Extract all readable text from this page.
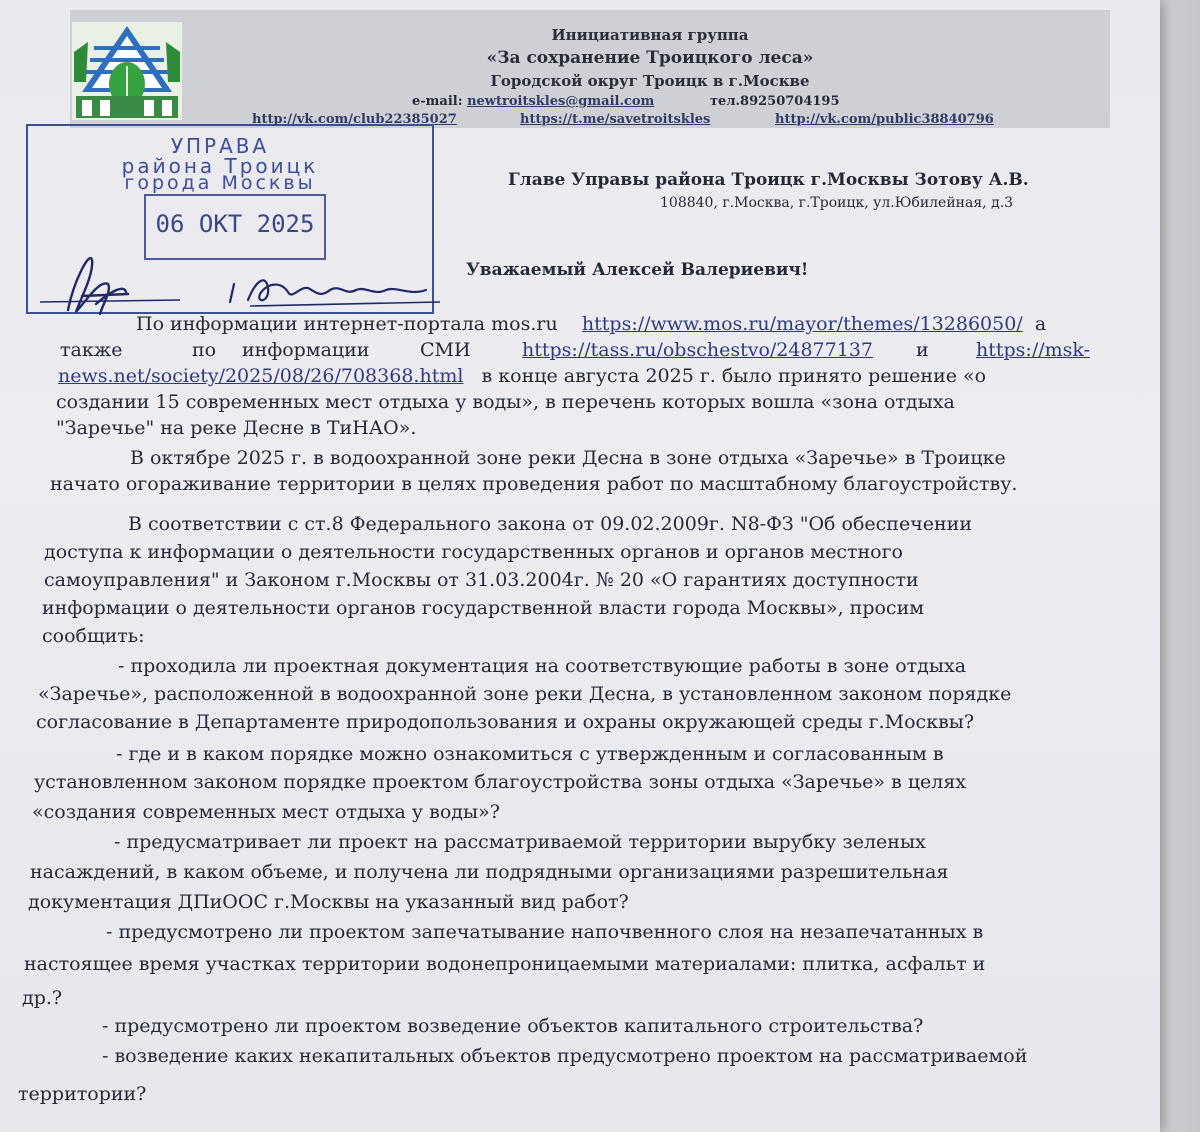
Инициативная группа
«За сохранение Троицкого леса»
Городской округ Троицк в г.Москве
e-mail: newtroitskles@gmail.com	тел.89250704195
http://vk.com/club22385027	https://t.me/savetroitskles	http://vk.com/public38840796
УПРАВА
района Троицк
города Москвы
06 ОКТ 2025
Главе Управы района Троицк г.Москвы Зотову А.В.
108840, г.Москва, г.Троицк, ул.Юбилейная, д.3
Уважаемый Алексей Валериевич!
По информации интернет-портала mos.ru https://www.mos.ru/mayor/themes/13286050/ а
также	по информации	СМИ	https://tass.ru/obschestvo/24877137 и https://msk-
news.net/society/2025/08/26/708368.html в конце августа 2025 г. было принято решение «о
создании 15 современных мест отдыха у воды», в перечень которых вошла «зона отдыха
"Заречье" на реке Десне в ТиНАО».
В октябре 2025 г. в водоохранной зоне реки Десна в зоне отдыха «Заречье» в Троицке
начато огораживание территории в целях проведения работ по масштабному благоустройству.
В соответствии с ст.8 Федерального закона от 09.02.2009г. N8-ФЗ "Об обеспечении
доступа к информации о деятельности государственных органов и органов местного
самоуправления" и Законом г.Москвы от 31.03.2004г. № 20 «О гарантиях доступности
информации о деятельности органов государственной власти города Москвы», просим
сообщить:
- проходила ли проектная документация на соответствующие работы в зоне отдыха
«Заречье», расположенной в водоохранной зоне реки Десна, в установленном законом порядке
согласование в Департаменте природопользования и охраны окружающей среды г.Москвы?
- где и в каком порядке можно ознакомиться с утвержденным и согласованным в
установленном законом порядке проектом благоустройства зоны отдыха «Заречье» в целях
«создания современных мест отдыха у воды»?
- предусматривает ли проект на рассматриваемой территории вырубку зеленых
насаждений, в каком объеме, и получена ли подрядными организациями разрешительная
документация ДПиООС г.Москвы на указанный вид работ?
- предусмотрено ли проектом запечатывание напочвенного слоя на незапечатанных в
настоящее время участках территории водонепроницаемыми материалами: плитка, асфальт и
др.?
- предусмотрено ли проектом возведение объектов капитального строительства?
- возведение каких некапитальных объектов предусмотрено проектом на рассматриваемой
территории?
